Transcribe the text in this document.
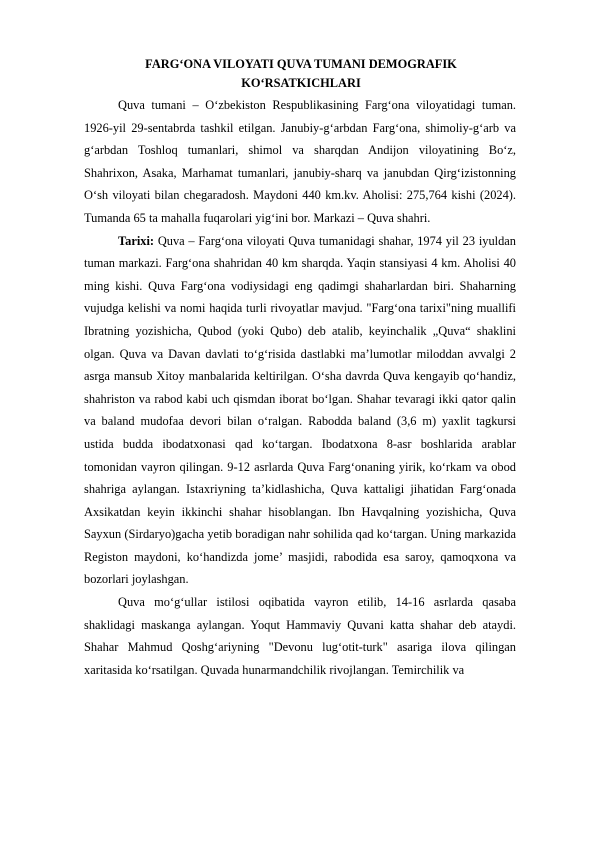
FARG‘ONA VILOYATI QUVA TUMANI DEMOGRAFIK
KO‘RSATKICHLARI

Quva tumani – O‘zbekiston Respublikasining Farg‘ona viloyatidagi tuman. 1926-yil 29-sentabrda tashkil etilgan. Janubiy-g‘arbdan Farg‘ona, shimoliy-g‘arb va g‘arbdan Toshloq tumanlari, shimol va sharqdan Andijon viloyatining Bo‘z, Shahrixon, Asaka, Marhamat tumanlari, janubiy-sharq va janubdan Qirg‘izistonning O‘sh viloyati bilan chegaradosh. Maydoni 440 km.kv. Aholisi: 275,764 kishi (2024). Tumanda 65 ta mahalla fuqarolari yig‘ini bor. Markazi – Quva shahri.

Tarixi: Quva – Farg‘ona viloyati Quva tumanidagi shahar, 1974 yil 23 iyuldan tuman markazi. Farg‘ona shahridan 40 km sharqda. Yaqin stansiyasi 4 km. Aholisi 40 ming kishi. Quva Farg‘ona vodiysidagi eng qadimgi shaharlardan biri. Shaharning vujudga kelishi va nomi haqida turli rivoyatlar mavjud. "Farg‘ona tarixi"ning muallifi Ibratning yozishicha, Qubod (yoki Qubo) deb atalib, keyinchalik „Quva“ shaklini olgan. Quva va Davan davlati to‘g‘risida dastlabki ma’lumotlar miloddan avvalgi 2 asrga mansub Xitoy manbalarida keltirilgan. O‘sha davrda Quva kengayib qo‘handiz, shahriston va rabod kabi uch qismdan iborat bo‘lgan. Shahar tevaragi ikki qator qalin va baland mudofaa devori bilan o‘ralgan. Rabodda baland (3,6 m) yaxlit tagkursi ustida budda ibodatxonasi qad ko‘targan. Ibodatxona 8-asr boshlarida arablar tomonidan vayron qilingan. 9-12 asrlarda Quva Farg‘onaning yirik, ko‘rkam va obod shahriga aylangan. Istaxriyning ta’kidlashicha, Quva kattaligi jihatidan Farg‘onada Axsikatdan keyin ikkinchi shahar hisoblangan. Ibn Havqalning yozishicha, Quva Sayxun (Sirdaryo)gacha yetib boradigan nahr sohilida qad ko‘targan. Uning markazida Registon maydoni, ko‘handizda jome’ masjidi, rabodida esa saroy, qamoqxona va bozorlari joylashgan.

Quva mo‘g‘ullar istilosi oqibatida vayron etilib, 14-16 asrlarda qasaba shaklidagi maskanga aylangan. Yoqut Hammaviy Quvani katta shahar deb ataydi. Shahar Mahmud Qoshg‘ariyning "Devonu lug‘otit-turk" asariga ilova qilingan xaritasida ko‘rsatilgan. Quvada hunarmandchilik rivojlangan. Temirchilik va
